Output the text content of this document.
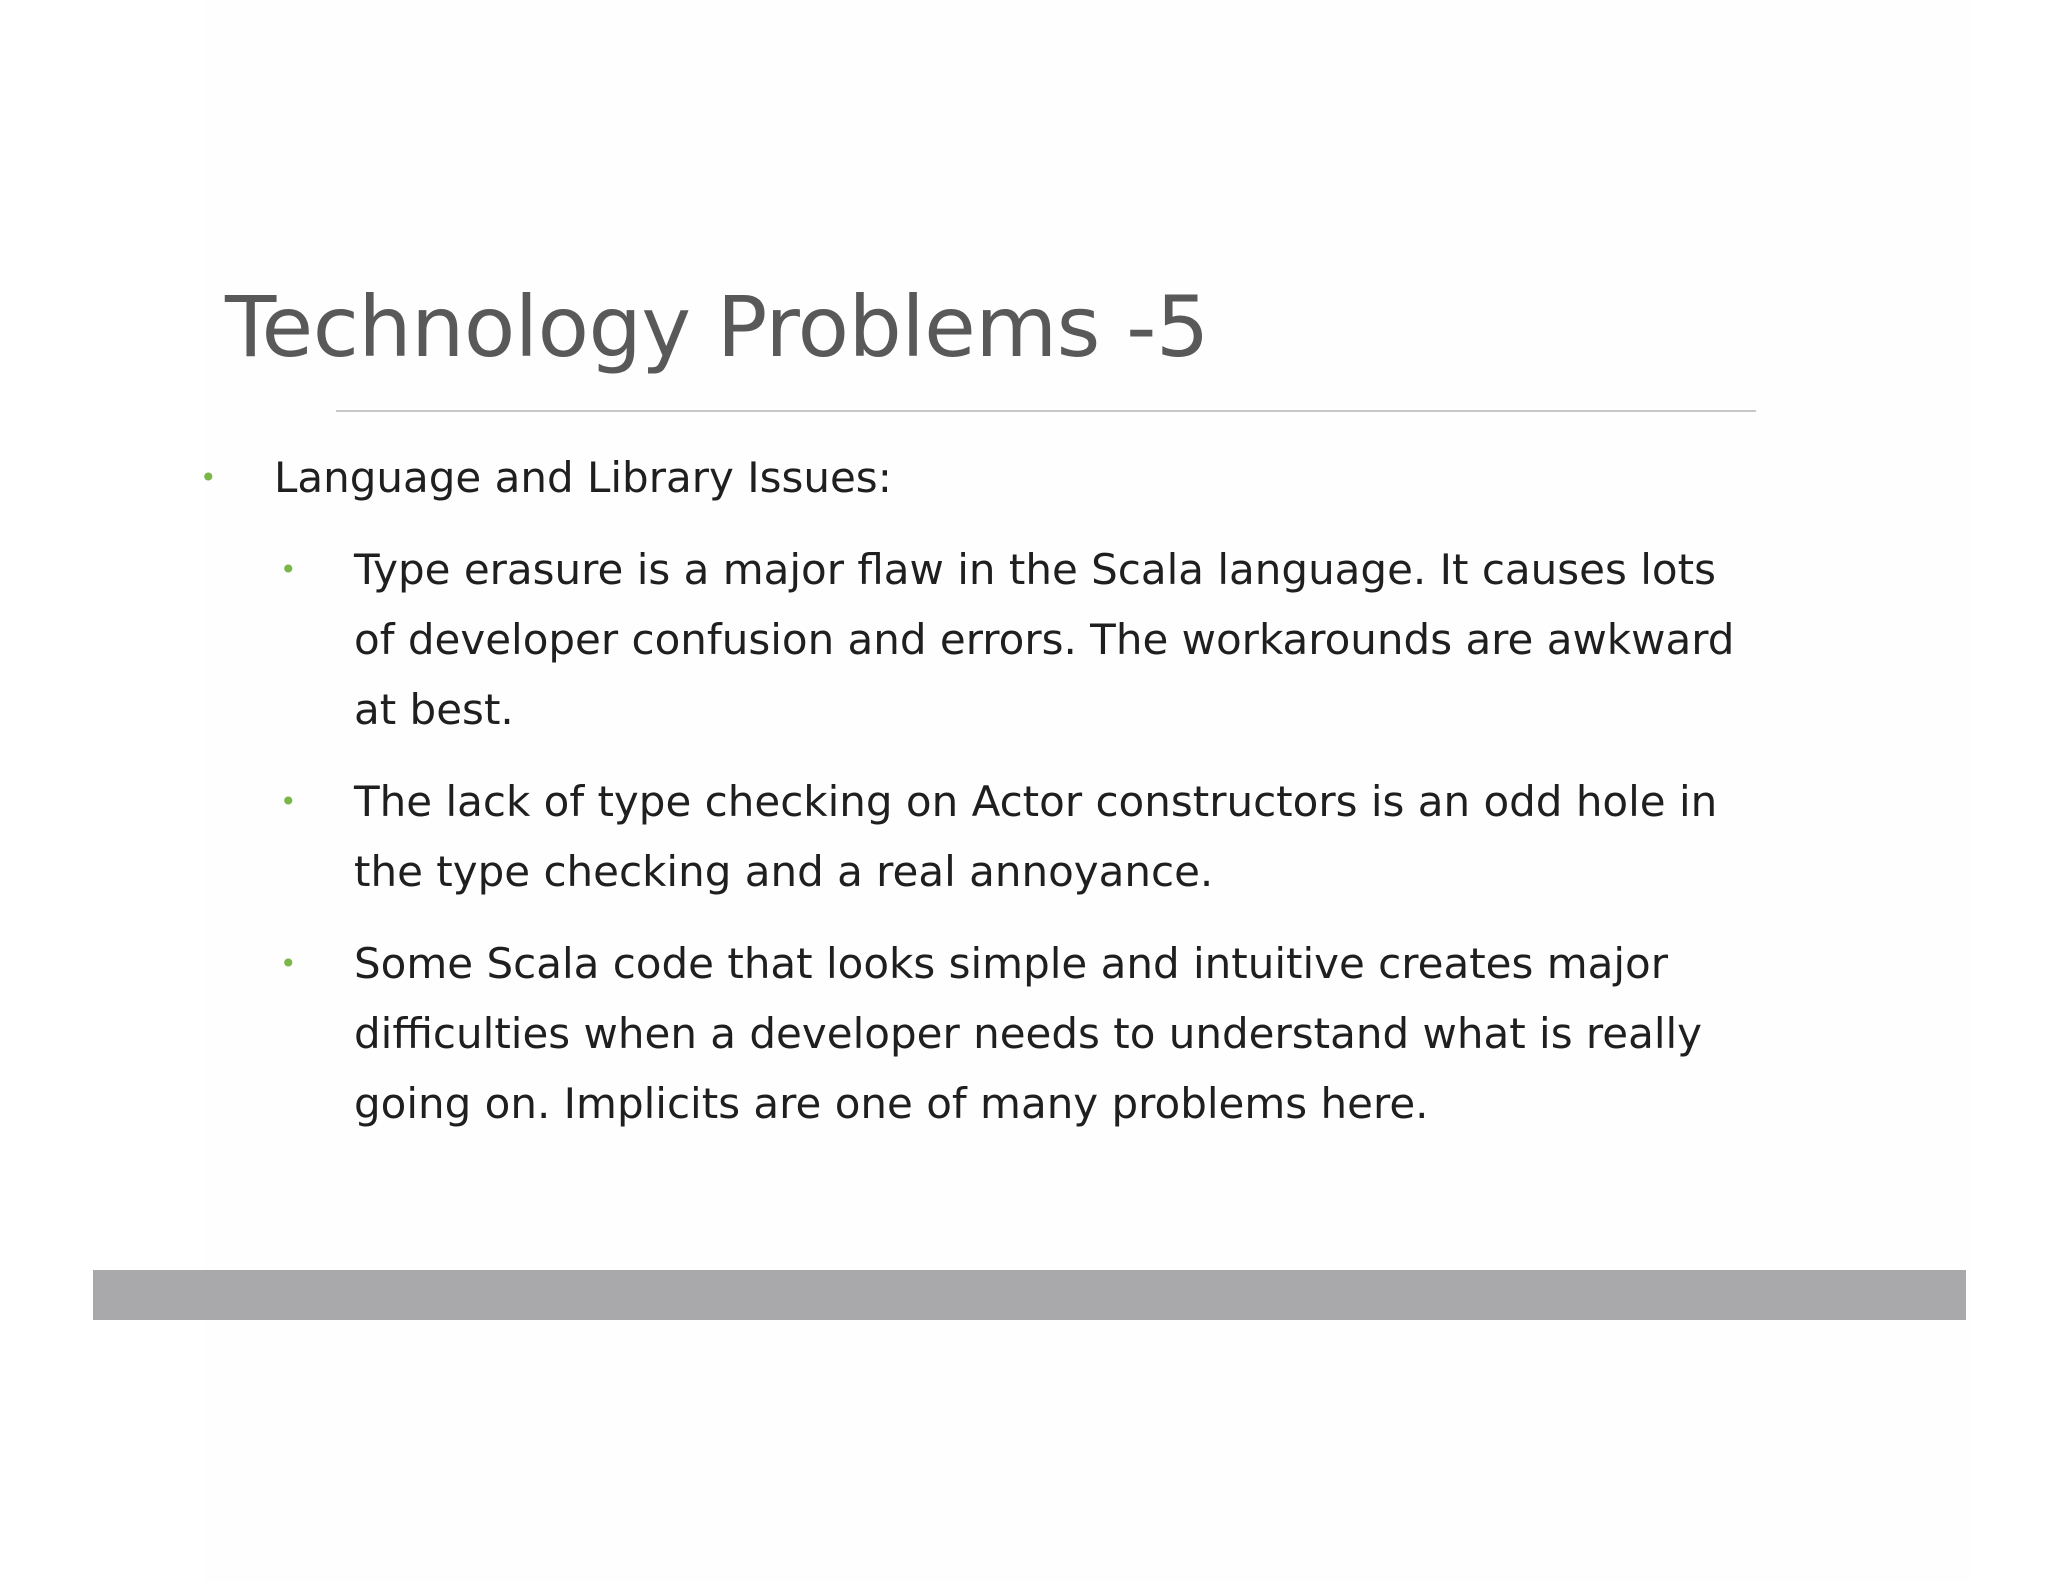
Technology Problems -5
• Language and Library Issues:
• Type erasure is a major flaw in the Scala language. It causes lots of developer confusion and errors. The workarounds are awkward at best.
• The lack of type checking on Actor constructors is an odd hole in the type checking and a real annoyance.
• Some Scala code that looks simple and intuitive creates major difficulties when a developer needs to understand what is really going on. Implicits are one of many problems here.
